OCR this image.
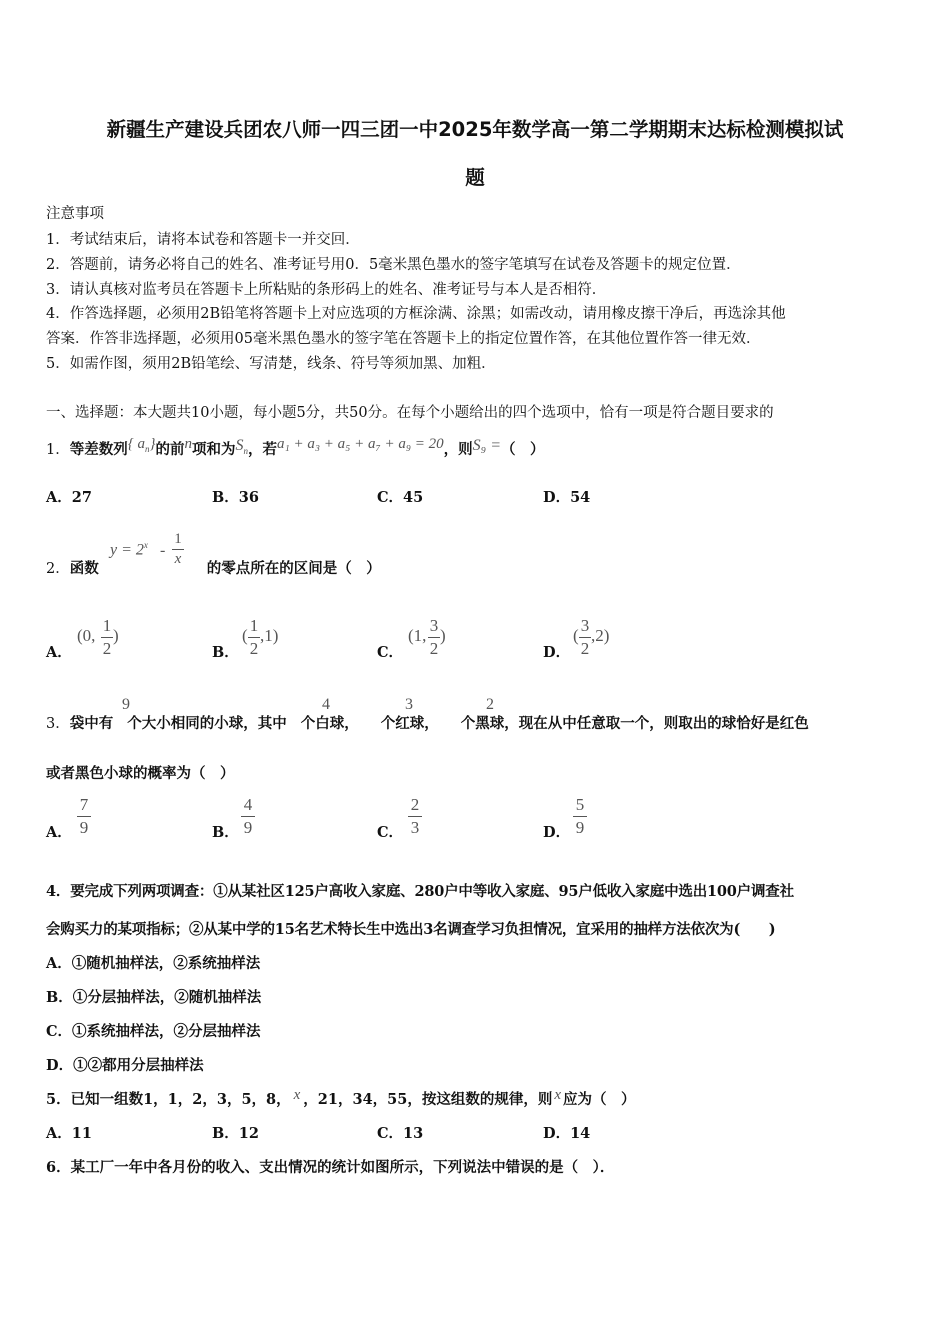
新疆生产建设兵团农八师一四三团一中2025年数学高一第二学期期末达标检测模拟试
题
注意事项
1．考试结束后，请将本试卷和答题卡一并交回．
2．答题前，请务必将自己的姓名、准考证号用0．5毫米黑色墨水的签字笔填写在试卷及答题卡的规定位置．
3．请认真核对监考员在答题卡上所粘贴的条形码上的姓名、准考证号与本人是否相符．
4．作答选择题，必须用2B铅笔将答题卡上对应选项的方框涂满、涂黑；如需改动，请用橡皮擦干净后，再选涂其他
答案．作答非选择题，必须用05毫米黑色墨水的签字笔在答题卡上的指定位置作答，在其他位置作答一律无效．
5．如需作图，须用2B铅笔绘、写清楚，线条、符号等须加黑、加粗．
一、选择题：本大题共10小题，每小题5分，共50分。在每个小题给出的四个选项中，恰有一项是符合题目要求的
1．等差数列{ $a_n$}的前n项和为$S_n$，若a₁ + a₃ + a₅ + a₇ + a₉ = 20，则S₉ =（　）
A．27	B．36	C．45	D．54
2．函数	的零点所在的区间是（　）
$y = 2^x$ -
1
x
A．
(0,
1
2
)
B．
(
1
2
,1)
C．
(1,
3
2
)
D．
(
3
2
,2)
3．袋中有 个大小相同的小球，其中 个白球， 个红球， 个黑球，现在从中任意取一个，则取出的球恰好是红色
9	4	3	2
或者黑色小球的概率为（　）
A．
7
9	B．
4
9	C．
2
3	D．
5
9
4．要完成下列两项调查：①从某社区125户高收入家庭、280户中等收入家庭、95户低收入家庭中选出100户调查社
会购买力的某项指标；②从某中学的15名艺术特长生中选出3名调查学习负担情况，宜采用的抽样方法依次为(　　)
A．①随机抽样法，②系统抽样法
B．①分层抽样法，②随机抽样法
C．①系统抽样法，②分层抽样法
D．①②都用分层抽样法
5．已知一组数1，1，2，3，5，8， x ，21，34，55，按这组数的规律，则 x 应为（　）
A．11	B．12	C．13	D．14
6．某工厂一年中各月份的收入、支出情况的统计如图所示，下列说法中错误的是（　）．
